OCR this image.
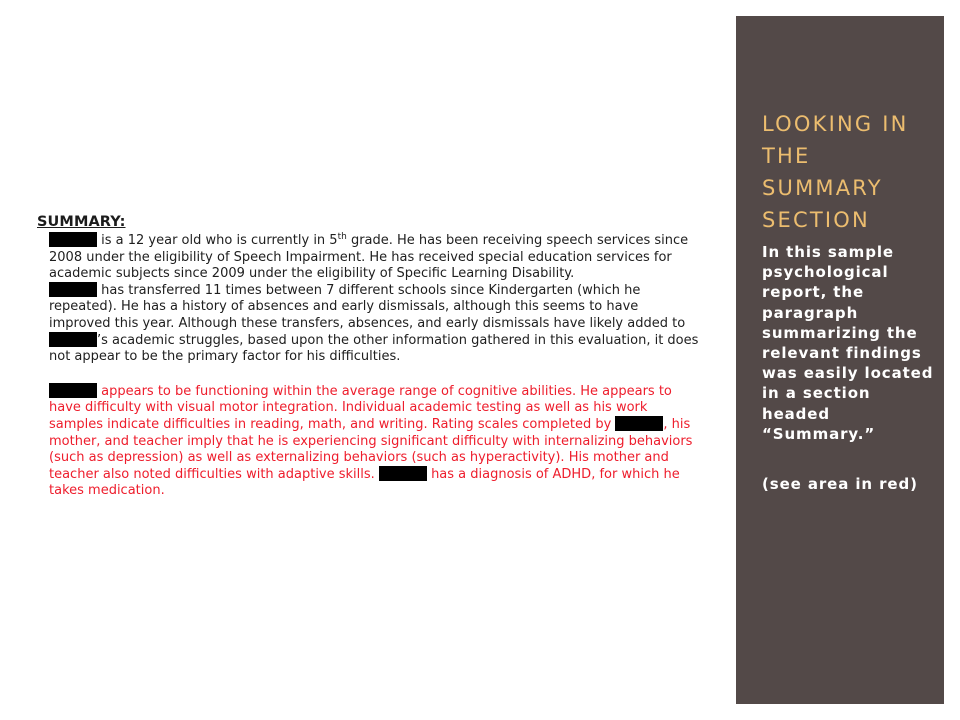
SUMMARY:
is a 12 year old who is currently in 5th grade. He has been receiving speech services since 2008 under the eligibility of Speech Impairment. He has received special education services for academic subjects since 2009 under the eligibility of Specific Learning Disability.
has transferred 11 times between 7 different schools since Kindergarten (which he repeated). He has a history of absences and early dismissals, although this seems to have improved this year. Although these transfers, absences, and early dismissals have likely added to ’s academic struggles, based upon the other information gathered in this evaluation, it does not appear to be the primary factor for his difficulties.
appears to be functioning within the average range of cognitive abilities. He appears to have difficulty with visual motor integration. Individual academic testing as well as his work samples indicate difficulties in reading, math, and writing. Rating scales completed by	, his mother, and teacher imply that he is experiencing significant difficulty with internalizing behaviors (such as depression) as well as externalizing behaviors (such as hyperactivity). His mother and teacher also noted difficulties with adaptive skills.	has a diagnosis of ADHD, for which he takes medication.
LOOKING IN THE SUMMARY SECTION

In this sample psychological report, the paragraph summarizing the relevant findings was easily located in a section headed “Summary.”

(see area in red)
